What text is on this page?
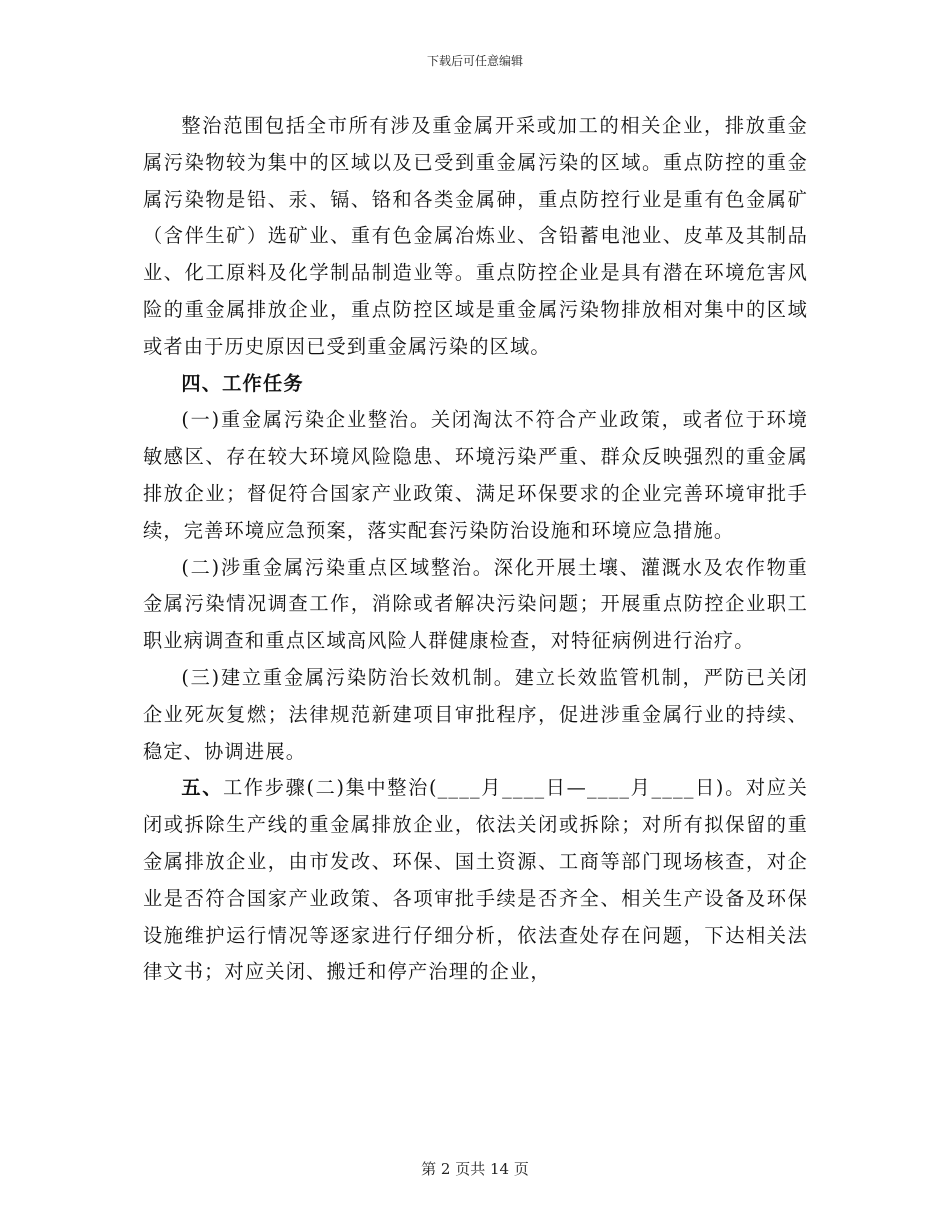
下载后可任意编辑

整治范围包括全市所有涉及重金属开采或加工的相关企业，排放重金属污染物较为集中的区域以及已受到重金属污染的区域。重点防控的重金属污染物是铅、汞、镉、铬和各类金属砷，重点防控行业是重有色金属矿（含伴生矿）选矿业、重有色金属冶炼业、含铅蓄电池业、皮革及其制品业、化工原料及化学制品制造业等。重点防控企业是具有潜在环境危害风险的重金属排放企业，重点防控区域是重金属污染物排放相对集中的区域或者由于历史原因已受到重金属污染的区域。

四、工作任务

(一)重金属污染企业整治。关闭淘汰不符合产业政策，或者位于环境敏感区、存在较大环境风险隐患、环境污染严重、群众反映强烈的重金属排放企业；督促符合国家产业政策、满足环保要求的企业完善环境审批手续，完善环境应急预案，落实配套污染防治设施和环境应急措施。

(二)涉重金属污染重点区域整治。深化开展土壤、灌溉水及农作物重金属污染情况调查工作，消除或者解决污染问题；开展重点防控企业职工职业病调查和重点区域高风险人群健康检查，对特征病例进行治疗。

(三)建立重金属污染防治长效机制。建立长效监管机制，严防已关闭企业死灰复燃；法律规范新建项目审批程序，促进涉重金属行业的持续、稳定、协调进展。

五、工作步骤(二)集中整治(____月____日—____月____日)。对应关闭或拆除生产线的重金属排放企业，依法关闭或拆除；对所有拟保留的重金属排放企业，由市发改、环保、国土资源、工商等部门现场核查，对企业是否符合国家产业政策、各项审批手续是否齐全、相关生产设备及环保设施维护运行情况等逐家进行仔细分析，依法查处存在问题，下达相关法律文书；对应关闭、搬迁和停产治理的企业，

第 2 页共 14 页
